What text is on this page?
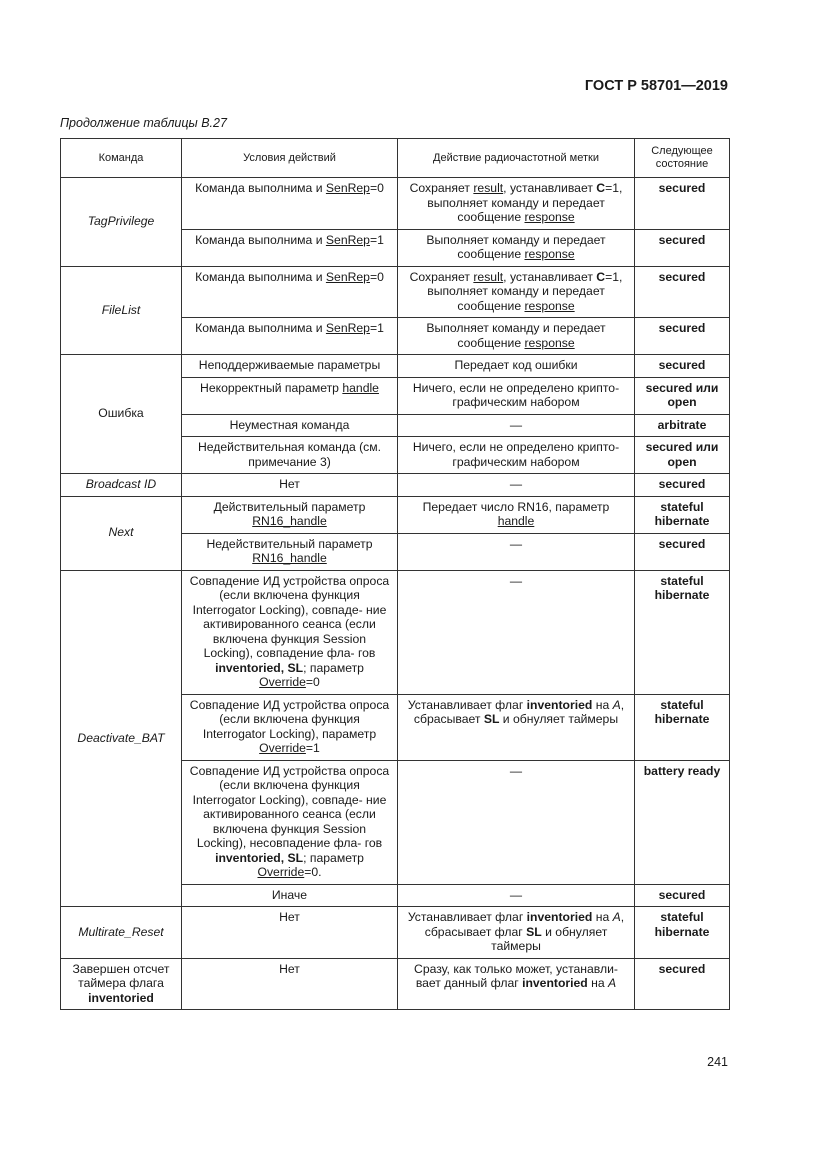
ГОСТ Р 58701—2019
Продолжение таблицы В.27
Команда	Условия действий	Действие радиочастотной метки	Следующее состояние
TagPrivilege	Команда выполнима и SenRep=0	Сохраняет result, устанавливает С=1, выполняет команду и передает сообщение response	secured
	Команда выполнима и SenRep=1	Выполняет команду и передает сообщение response	secured
FileList	Команда выполнима и SenRep=0	Сохраняет result, устанавливает С=1, выполняет команду и передает сообщение response	secured
	Команда выполнима и SenRep=1	Выполняет команду и передает сообщение response	secured
Ошибка	Неподдерживаемые параметры	Передает код ошибки	secured
	Некорректный параметр handle	Ничего, если не определено крипто- графическим набором	secured или open
	Неуместная команда	—	arbitrate
	Недействительная команда (см. примечание 3)	Ничего, если не определено крипто- графическим набором	secured или open
Broadcast ID	Нет	—	secured
Next	Действительный параметр RN16_handle	Передает число RN16, параметр handle	stateful hibernate
	Недействительный параметр RN16_handle	—	secured
Deactivate_BAT	Совпадение ИД устройства опроса (если включена функция Interrogator Locking), совпаде- ние активированного сеанса (если включена функция Session Locking), совпадение фла- гов inventoried, SL; параметр Override=0	—	stateful hibernate
	Совпадение ИД устройства опроса (если включена функция Interrogator Locking), параметр Override=1	Устанавливает флаг inventoried на A, сбрасывает SL и обнуляет таймеры	stateful hibernate
	Совпадение ИД устройства опроса (если включена функция Interrogator Locking), совпаде- ние активированного сеанса (если включена функция Session Locking), несовпадение фла- гов inventoried, SL; параметр Override=0.	—	battery ready
	Иначе	—	secured
Multirate_Reset	Нет	Устанавливает флаг inventoried на A, сбрасывает флаг SL и обнуляет таймеры	stateful hibernate
Завершен отсчет таймера флага inventoried	Нет	Сразу, как только может, устанавли- вает данный флаг inventoried на A	secured
241
